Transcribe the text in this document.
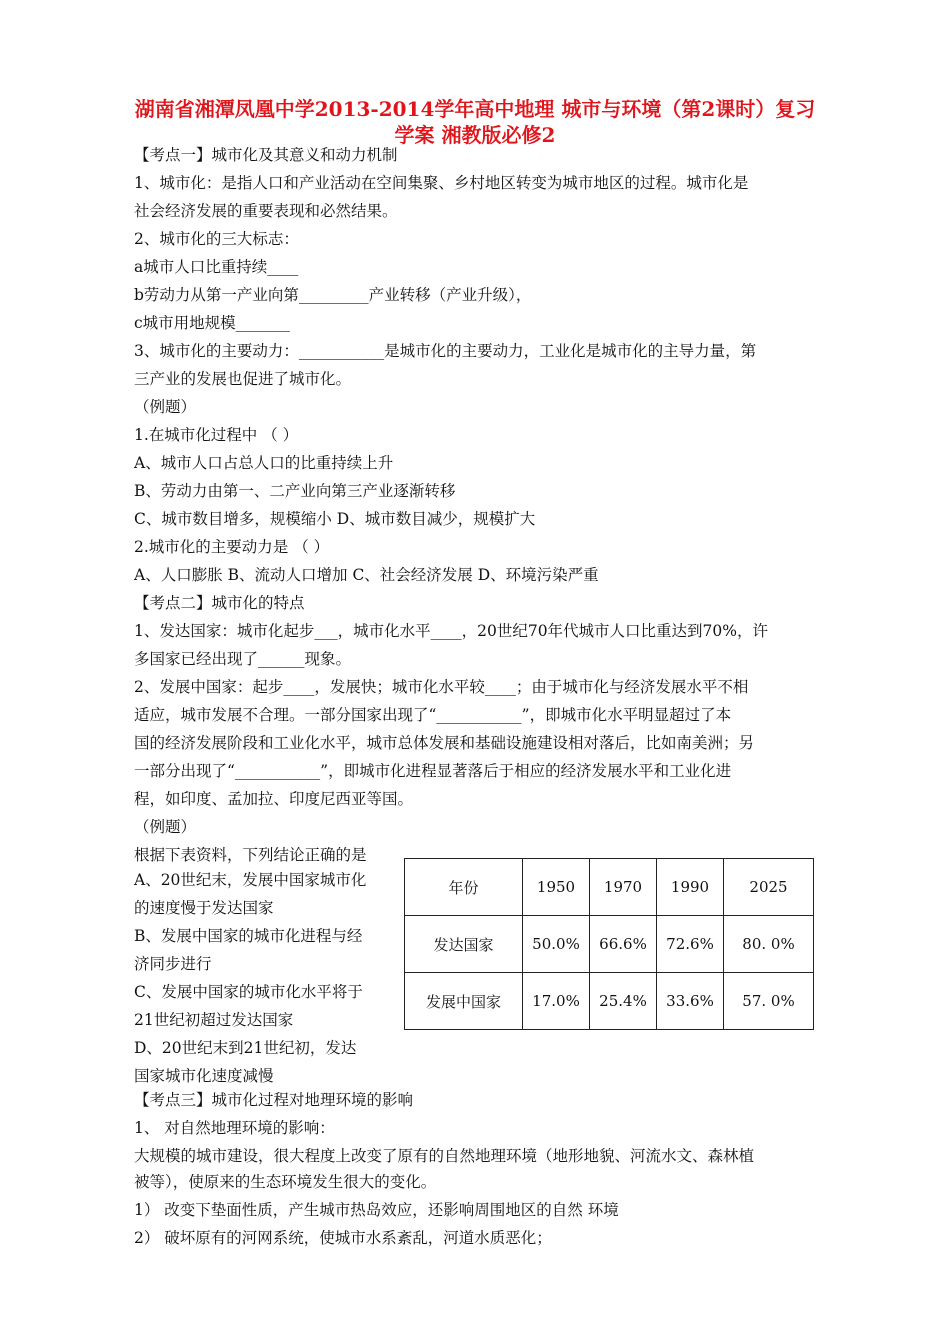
湖南省湘潭凤凰中学2013-2014学年高中地理 城市与环境（第2课时）复习学案 湘教版必修2
【考点一】城市化及其意义和动力机制
1、城市化：是指人口和产业活动在空间集聚、乡村地区转变为城市地区的过程。城市化是
社会经济发展的重要表现和必然结果。
2、城市化的三大标志：
a城市人口比重持续____
b劳动力从第一产业向第_________产业转移（产业升级），
c城市用地规模_______
3、城市化的主要动力：___________是城市化的主要动力，工业化是城市化的主导力量，第
三产业的发展也促进了城市化。
（例题）
1.在城市化过程中 （ ）
A、城市人口占总人口的比重持续上升
B、劳动力由第一、二产业向第三产业逐渐转移
C、城市数目增多，规模缩小 D、城市数目减少，规模扩大
2.城市化的主要动力是 （ ）
A、人口膨胀 B、流动人口增加 C、社会经济发展 D、环境污染严重
【考点二】城市化的特点
1、发达国家：城市化起步___，城市化水平____，20世纪70年代城市人口比重达到70%，许
多国家已经出现了______现象。
2、发展中国家：起步____，发展快；城市化水平较____；由于城市化与经济发展水平不相
适应，城市发展不合理。一部分国家出现了“___________”，即城市化水平明显超过了本
国的经济发展阶段和工业化水平，城市总体发展和基础设施建设相对落后，比如南美洲；另
一部分出现了“___________”，即城市化进程显著落后于相应的经济发展水平和工业化进
程，如印度、孟加拉、印度尼西亚等国。
（例题）
根据下表资料，下列结论正确的是
A、20世纪末，发展中国家城市化
的速度慢于发达国家
B、发展中国家的城市化进程与经
济同步进行
C、发展中国家的城市化水平将于
21世纪初超过发达国家
D、20世纪末到21世纪初，发达
国家城市化速度减慢
年份	1950	1970	1990	2025
发达国家	50.0%	66.6%	72.6%	80. 0%
发展中国家	17.0%	25.4%	33.6%	57. 0%
【考点三】城市化过程对地理环境的影响
1、 对自然地理环境的影响：
大规模的城市建设，很大程度上改变了原有的自然地理环境（地形地貌、河流水文、森林植
被等），使原来的生态环境发生很大的变化。
1） 改变下垫面性质，产生城市热岛效应，还影响周围地区的自然 环境
2） 破坏原有的河网系统，使城市水系紊乱，河道水质恶化；
